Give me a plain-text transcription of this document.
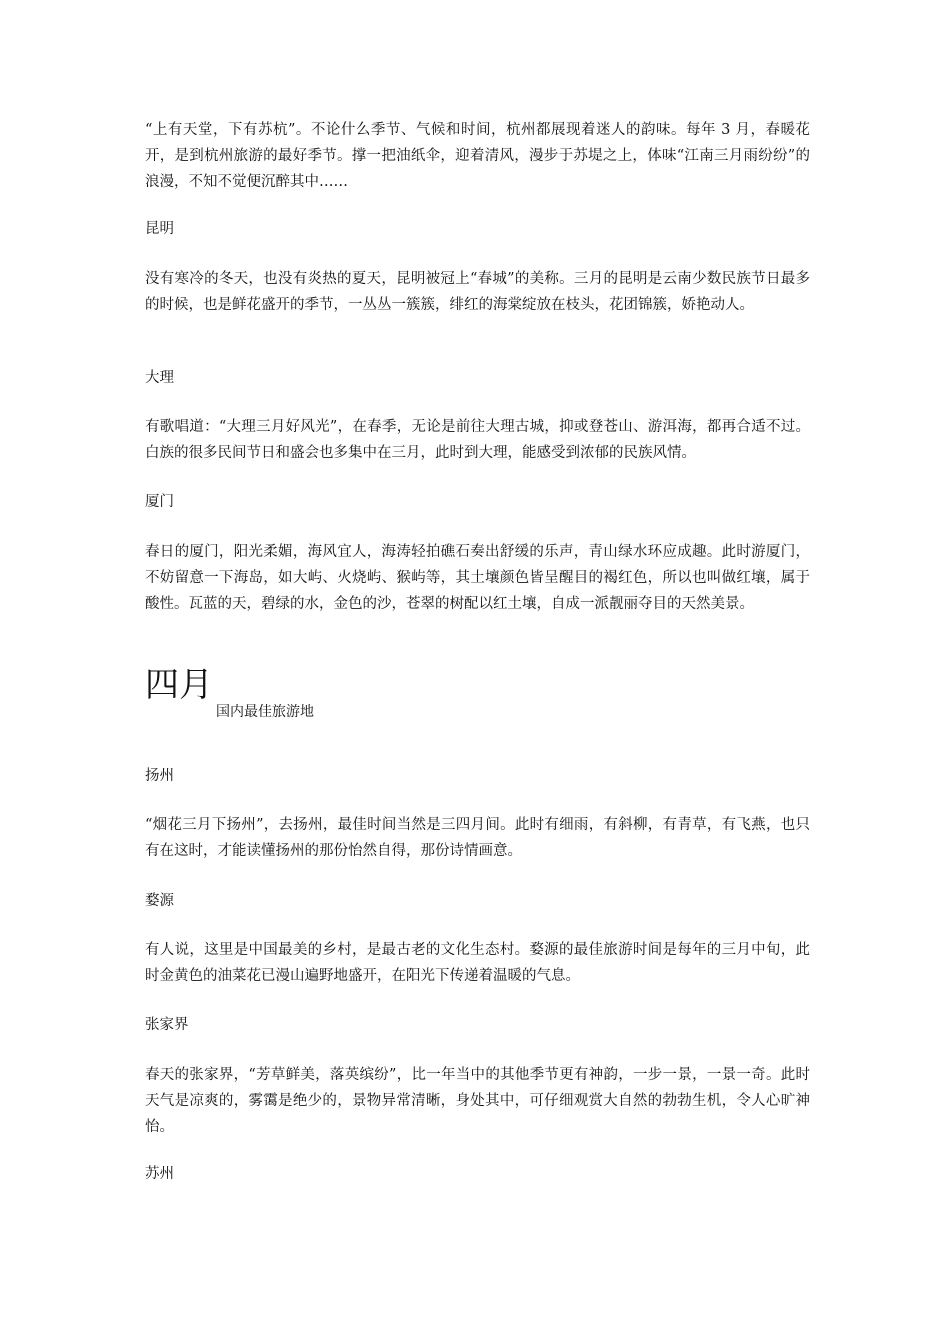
“上有天堂，下有苏杭”。不论什么季节、气候和时间，杭州都展现着迷人的韵味。每年 3 月，春暖花开，是到杭州旅游的最好季节。撑一把油纸伞，迎着清风，漫步于苏堤之上，体味“江南三月雨纷纷”的浪漫，不知不觉便沉醉其中……

昆明

没有寒冷的冬天，也没有炎热的夏天，昆明被冠上“春城”的美称。三月的昆明是云南少数民族节日最多的时候，也是鲜花盛开的季节，一丛丛一簇簇，绯红的海棠绽放在枝头，花团锦簇，娇艳动人。

大理

有歌唱道：“大理三月好风光”，在春季，无论是前往大理古城，抑或登苍山、游洱海，都再合适不过。白族的很多民间节日和盛会也多集中在三月，此时到大理，能感受到浓郁的民族风情。

厦门

春日的厦门，阳光柔媚，海风宜人，海涛轻拍礁石奏出舒缓的乐声，青山绿水环应成趣。此时游厦门，不妨留意一下海岛，如大屿、火烧屿、猴屿等，其土壤颜色皆呈醒目的褐红色，所以也叫做红壤，属于酸性。瓦蓝的天，碧绿的水，金色的沙，苍翠的树配以红土壤，自成一派靓丽夺目的天然美景。

四月

国内最佳旅游地

扬州

“烟花三月下扬州”，去扬州，最佳时间当然是三四月间。此时有细雨，有斜柳，有青草，有飞燕，也只有在这时，才能读懂扬州的那份怡然自得，那份诗情画意。

婺源

有人说，这里是中国最美的乡村，是最古老的文化生态村。婺源的最佳旅游时间是每年的三月中旬，此时金黄色的油菜花已漫山遍野地盛开，在阳光下传递着温暖的气息。

张家界

春天的张家界，“芳草鲜美，落英缤纷”，比一年当中的其他季节更有神韵，一步一景，一景一奇。此时天气是凉爽的，雾霭是绝少的，景物异常清晰，身处其中，可仔细观赏大自然的勃勃生机，令人心旷神怡。

苏州
